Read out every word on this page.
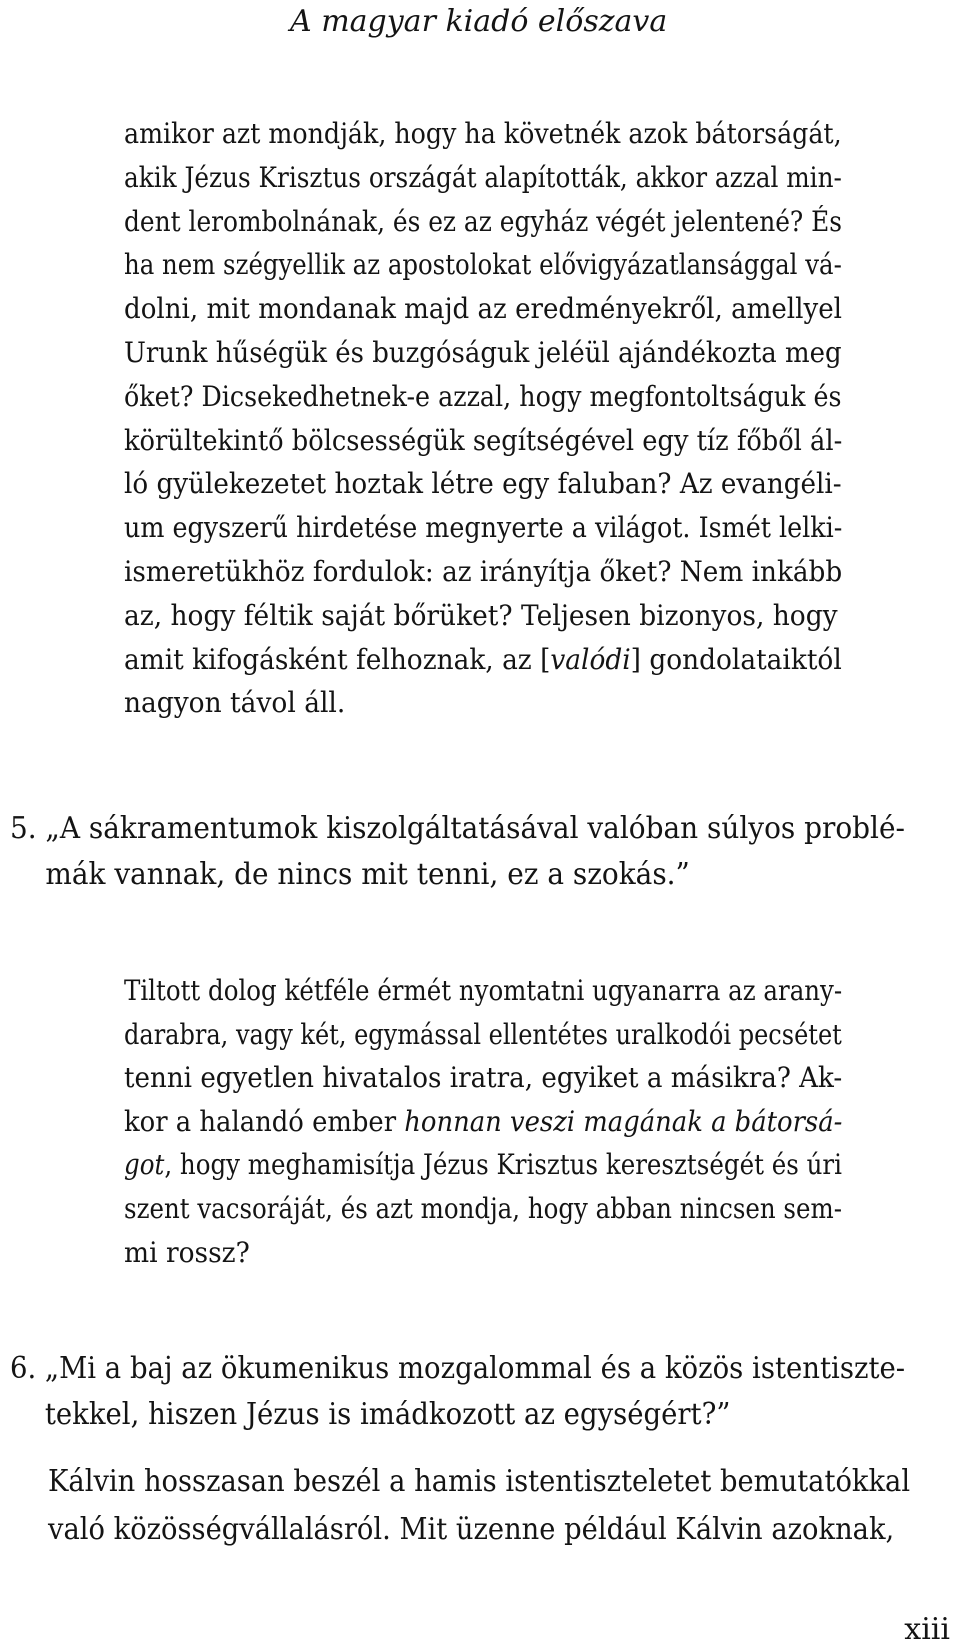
A magyar kiadó előszava
amikor azt mondják, hogy ha követnék azok bátorságát,
akik Jézus Krisztus országát alapították, akkor azzal min-
dent lerombolnának, és ez az egyház végét jelentené? És
ha nem szégyellik az apostolokat elővigyázatlansággal vá-
dolni, mit mondanak majd az eredményekről, amellyel
Urunk hűségük és buzgóságuk jeléül ajándékozta meg
őket? Dicsekedhetnek-e azzal, hogy megfontoltságuk és
körültekintő bölcsességük segítségével egy tíz főből ál-
ló gyülekezetet hoztak létre egy faluban? Az evangéli-
um egyszerű hirdetése megnyerte a világot. Ismét lelki-
ismeretükhöz fordulok: az irányítja őket? Nem inkább
az, hogy féltik saját bőrüket? Teljesen bizonyos, hogy
amit kifogásként felhoznak, az [valódi] gondolataiktól
nagyon távol áll.
5. „A sákramentumok kiszolgáltatásával valóban súlyos problé-
mák vannak, de nincs mit tenni, ez a szokás.”
Tiltott dolog kétféle érmét nyomtatni ugyanarra az arany-
darabra, vagy két, egymással ellentétes uralkodói pecsétet
tenni egyetlen hivatalos iratra, egyiket a másikra? Ak-
kor a halandó ember honnan veszi magának a bátorsá-
got, hogy meghamisítja Jézus Krisztus keresztségét és úri
szent vacsoráját, és azt mondja, hogy abban nincsen sem-
mi rossz?
6. „Mi a baj az ökumenikus mozgalommal és a közös istentiszte-
tekkel, hiszen Jézus is imádkozott az egységért?”

Kálvin hosszasan beszél a hamis istentiszteletet bemutatókkal
való közösségvállalásról. Mit üzenne például Kálvin azoknak,

xiii
